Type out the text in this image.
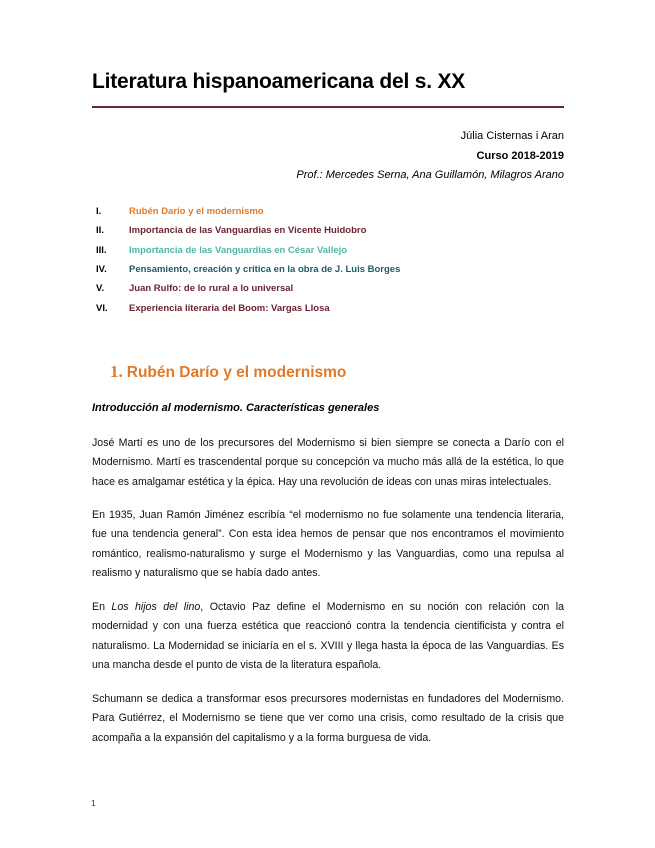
Literatura hispanoamericana del s. XX
Júlia Cisternas i Aran
Curso 2018-2019
Prof.: Mercedes Serna, Ana Guillamón, Milagros Arano
I.	Rubén Darío y el modernismo
II.	Importancia de las Vanguardias en Vicente Huidobro
III.	Importancia de las Vanguardias en César Vallejo
IV.	Pensamiento, creación y crítica en la obra de J. Luis Borges
V.	Juan Rulfo: de lo rural a lo universal
VI.	Experiencia literaria del Boom: Vargas Llosa
1. Rubén Darío y el modernismo
Introducción al modernismo. Características generales

José Martí es uno de los precursores del Modernismo si bien siempre se conecta a Darío con el Modernismo. Martí es trascendental porque su concepción va mucho más allá de la estética, lo que hace es amalgamar estética y la épica. Hay una revolución de ideas con unas miras intelectuales.

En 1935, Juan Ramón Jiménez escribía “el modernismo no fue solamente una tendencia literaria, fue una tendencia general”. Con esta idea hemos de pensar que nos encontramos el movimiento romántico, realismo-naturalismo y surge el Modernismo y las Vanguardias, como una repulsa al realismo y naturalismo que se había dado antes.

En Los hijos del lino, Octavio Paz define el Modernismo en su noción con relación con la modernidad y con una fuerza estética que reaccionó contra la tendencia cientificista y contra el naturalismo. La Modernidad se iniciaría en el s. XVIII y llega hasta la época de las Vanguardias. Es una mancha desde el punto de vista de la literatura española.

Schumann se dedica a transformar esos precursores modernistas en fundadores del Modernismo. Para Gutiérrez, el Modernismo se tiene que ver como una crisis, como resultado de la crisis que acompaña a la expansión del capitalismo y a la forma burguesa de vida.

1
